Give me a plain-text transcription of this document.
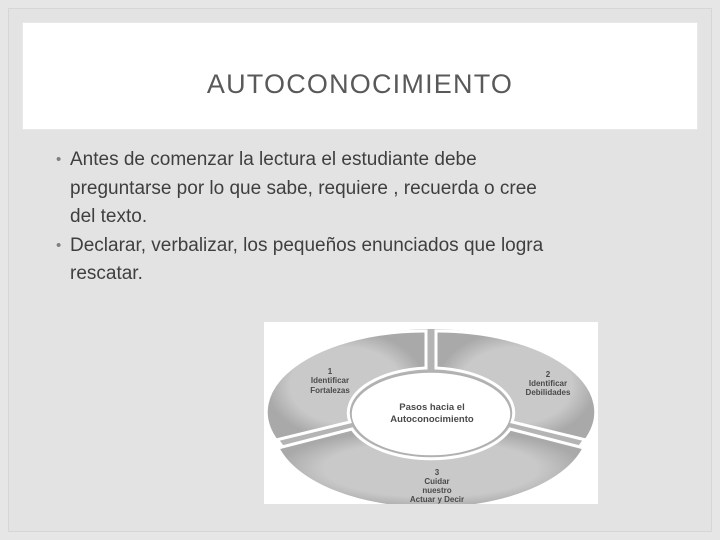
AUTOCONOCIMIENTO
• Antes de comenzar la lectura el estudiante debe
preguntarse por lo que sabe, requiere , recuerda o cree
del texto.
• Declarar, verbalizar, los pequeños enunciados que logra
rescatar.
Pasos hacia el
Autoconocimiento
1
Identificar
Fortalezas
2
Identificar
Debilidades
3
Cuidar
nuestro
Actuar y Decir
